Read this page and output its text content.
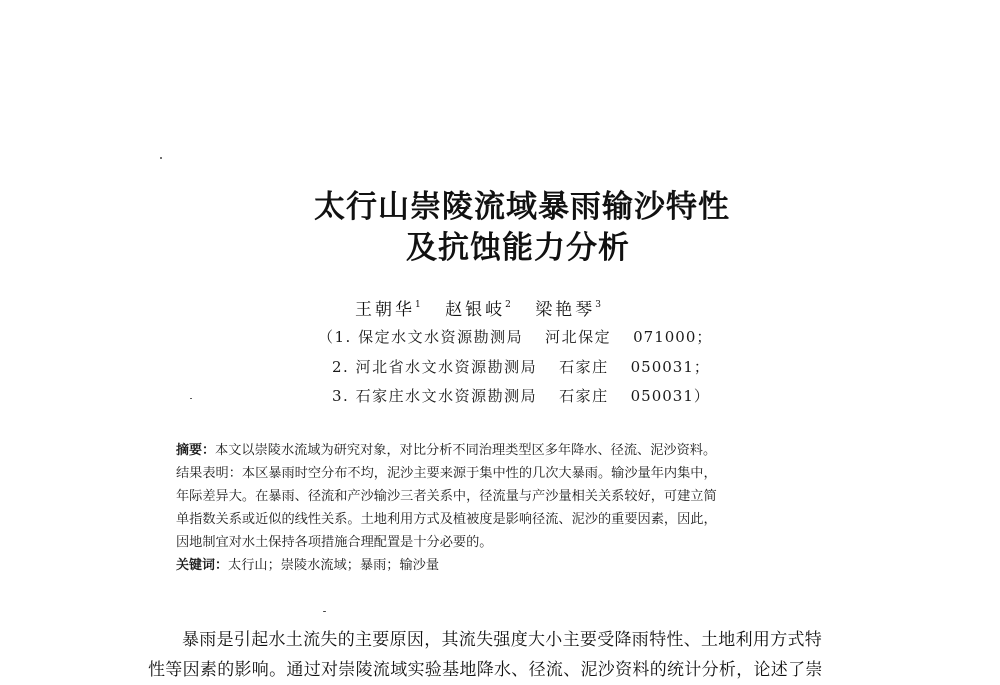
太行山崇陵流域暴雨输沙特性
及抗蚀能力分析
王朝华$^1$ 赵银岐$^2$ 梁艳琴$^3$
（1. 保定水文水资源勘测局 河北保定 071000；
2. 河北省水文水资源勘测局 石家庄 050031；
3. 石家庄水文水资源勘测局 石家庄 050031）
摘要：本文以崇陵水流域为研究对象，对比分析不同治理类型区多年降水、径流、泥沙资料。
结果表明：本区暴雨时空分布不均，泥沙主要来源于集中性的几次大暴雨。输沙量年内集中，
年际差异大。在暴雨、径流和产沙输沙三者关系中，径流量与产沙量相关关系较好，可建立简
单指数关系或近似的线性关系。土地利用方式及植被度是影响径流、泥沙的重要因素，因此，
因地制宜对水土保持各项措施合理配置是十分必要的。
关键词：太行山；崇陵水流域；暴雨；输沙量
暴雨是引起水土流失的主要原因，其流失强度大小主要受降雨特性、土地利用方式特
性等因素的影响。通过对崇陵流域实验基地降水、径流、泥沙资料的统计分析，论述了崇
